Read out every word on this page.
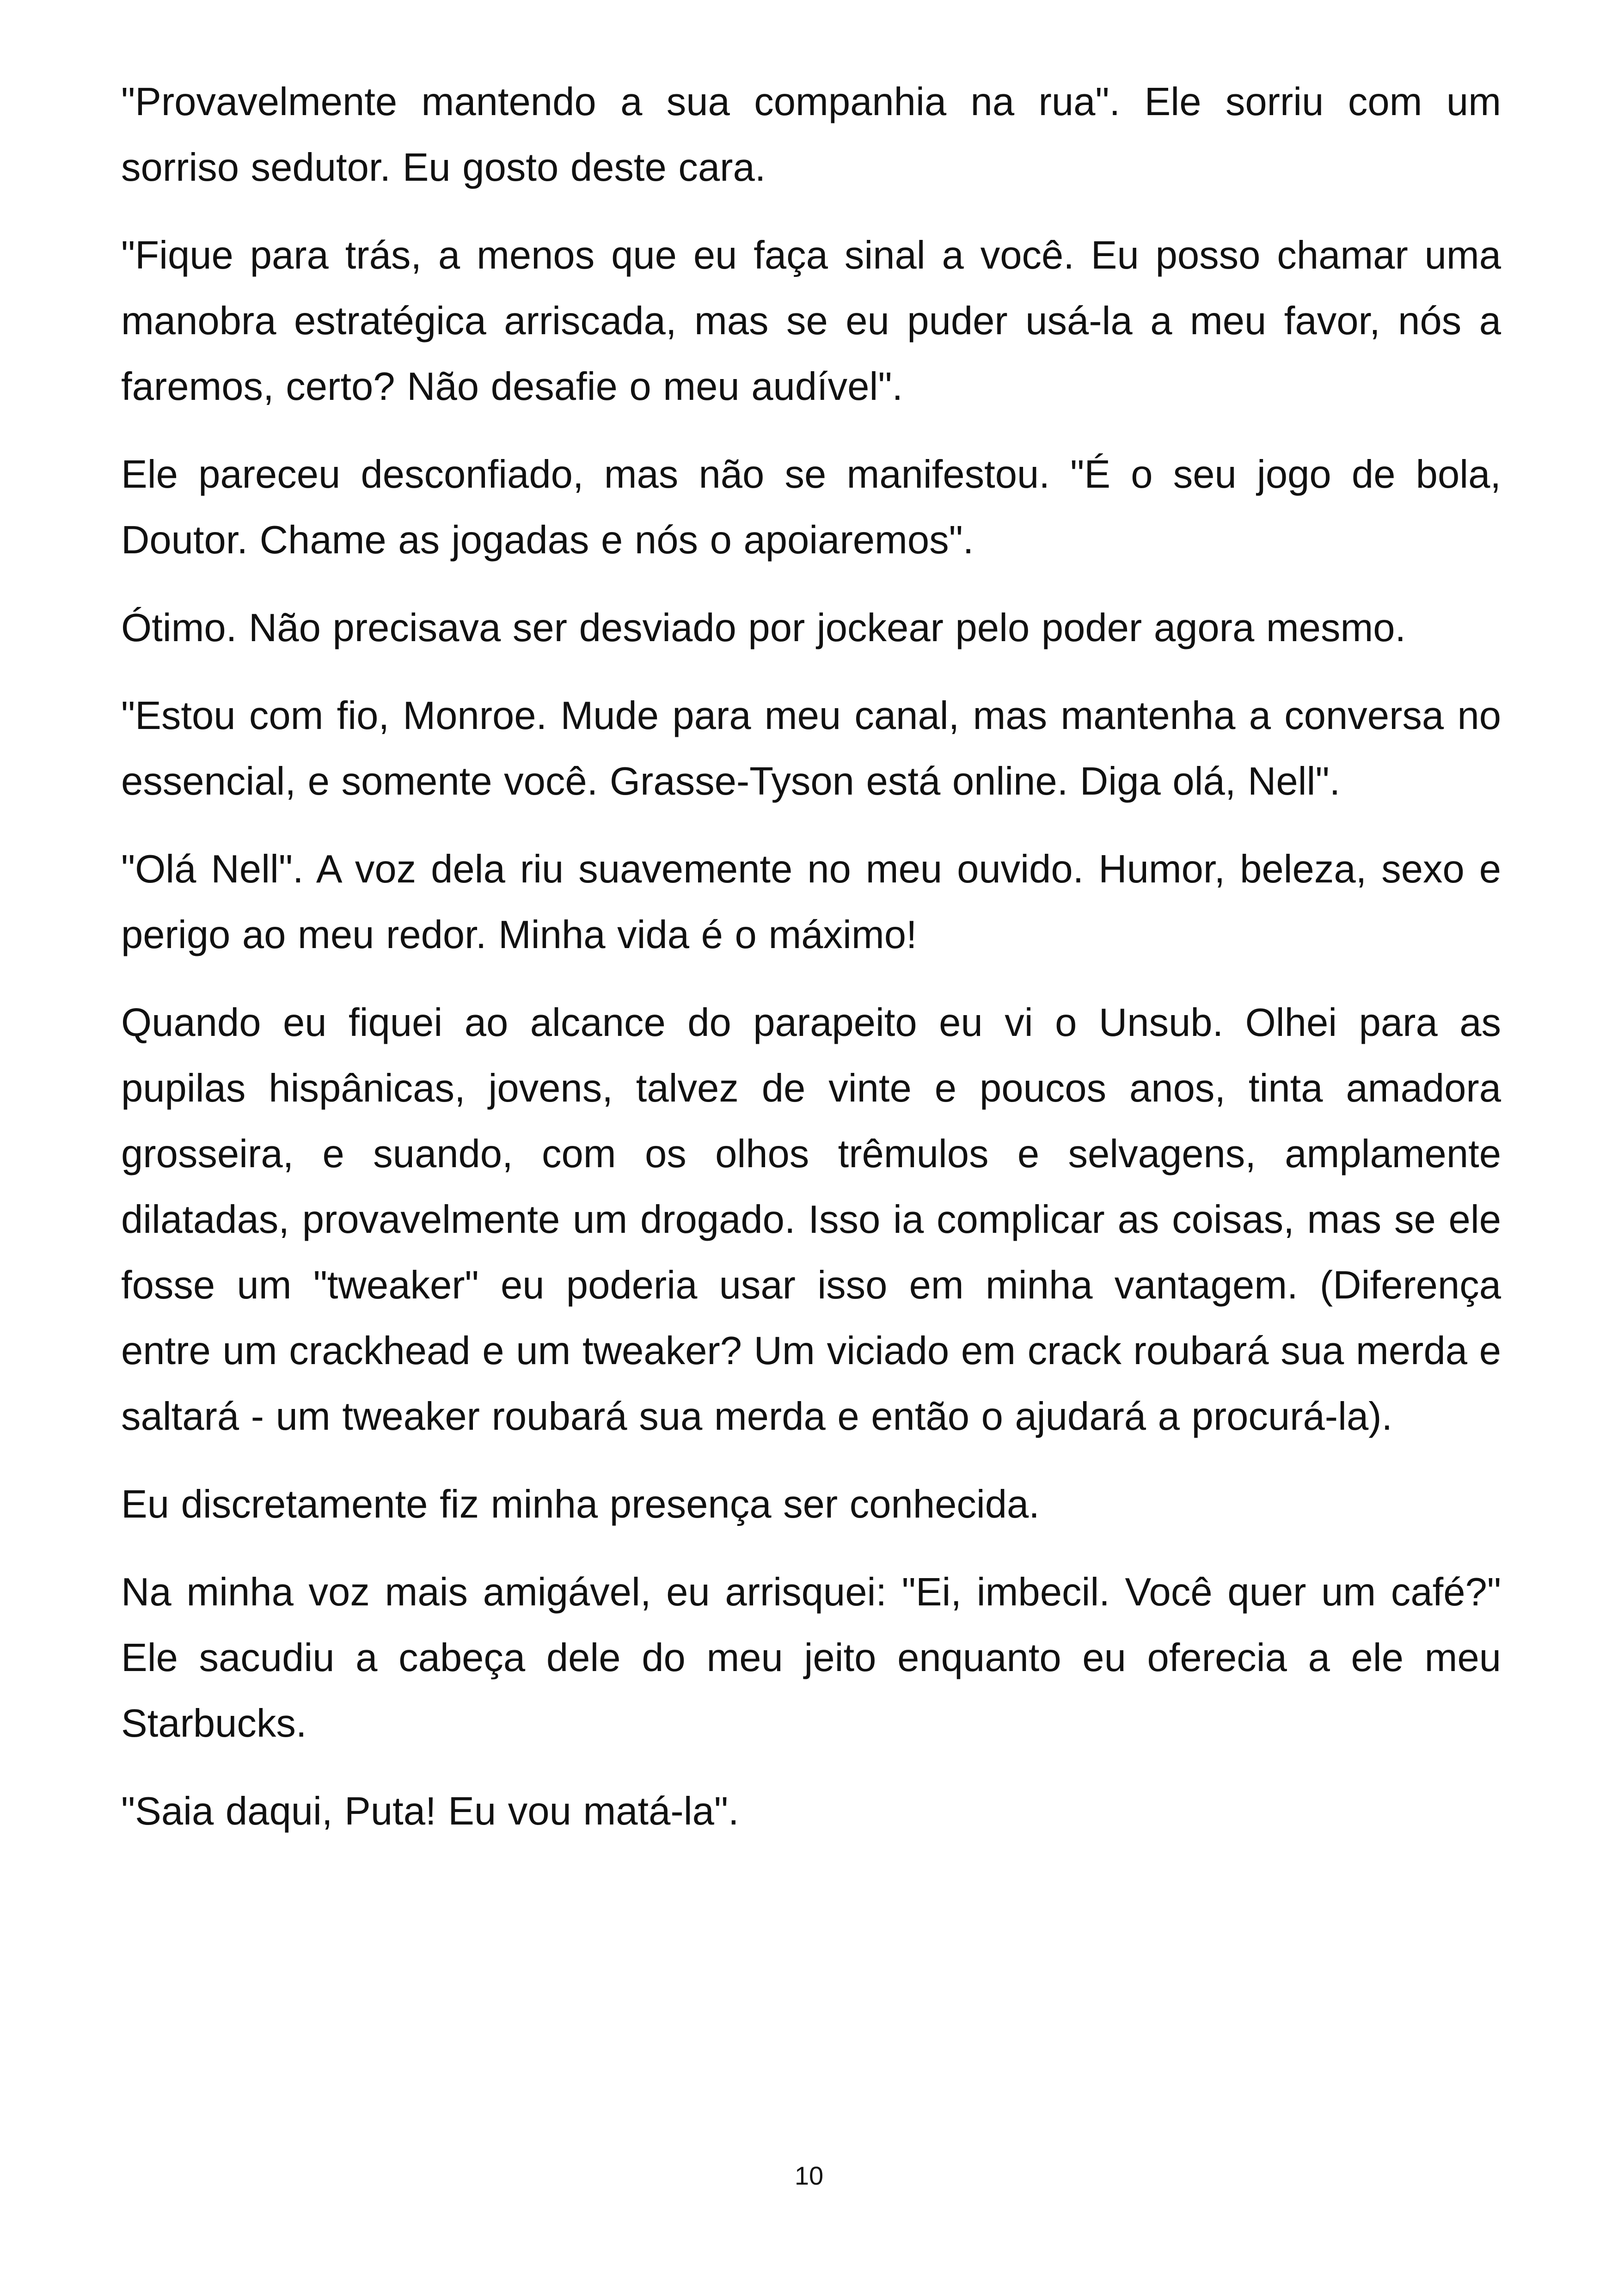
"Provavelmente mantendo a sua companhia na rua". Ele sorriu com um sorriso sedutor. Eu gosto deste cara.

"Fique para trás, a menos que eu faça sinal a você. Eu posso chamar uma manobra estratégica arriscada, mas se eu puder usá-la a meu favor, nós a faremos, certo? Não desafie o meu audível".

Ele pareceu desconfiado, mas não se manifestou. "É o seu jogo de bola, Doutor. Chame as jogadas e nós o apoiaremos".

Ótimo. Não precisava ser desviado por jockear pelo poder agora mesmo.

"Estou com fio, Monroe. Mude para meu canal, mas mantenha a conversa no essencial, e somente você. Grasse-Tyson está online. Diga olá, Nell".

"Olá Nell". A voz dela riu suavemente no meu ouvido. Humor, beleza, sexo e perigo ao meu redor. Minha vida é o máximo!

Quando eu fiquei ao alcance do parapeito eu vi o Unsub. Olhei para as pupilas hispânicas, jovens, talvez de vinte e poucos anos, tinta amadora grosseira, e suando, com os olhos trêmulos e selvagens, amplamente dilatadas, provavelmente um drogado. Isso ia complicar as coisas, mas se ele fosse um "tweaker" eu poderia usar isso em minha vantagem. (Diferença entre um crackhead e um tweaker? Um viciado em crack roubará sua merda e saltará - um tweaker roubará sua merda e então o ajudará a procurá-la).

Eu discretamente fiz minha presença ser conhecida.

Na minha voz mais amigável, eu arrisquei: "Ei, imbecil. Você quer um café?" Ele sacudiu a cabeça dele do meu jeito enquanto eu oferecia a ele meu Starbucks.

"Saia daqui, Puta! Eu vou matá-la".

10
